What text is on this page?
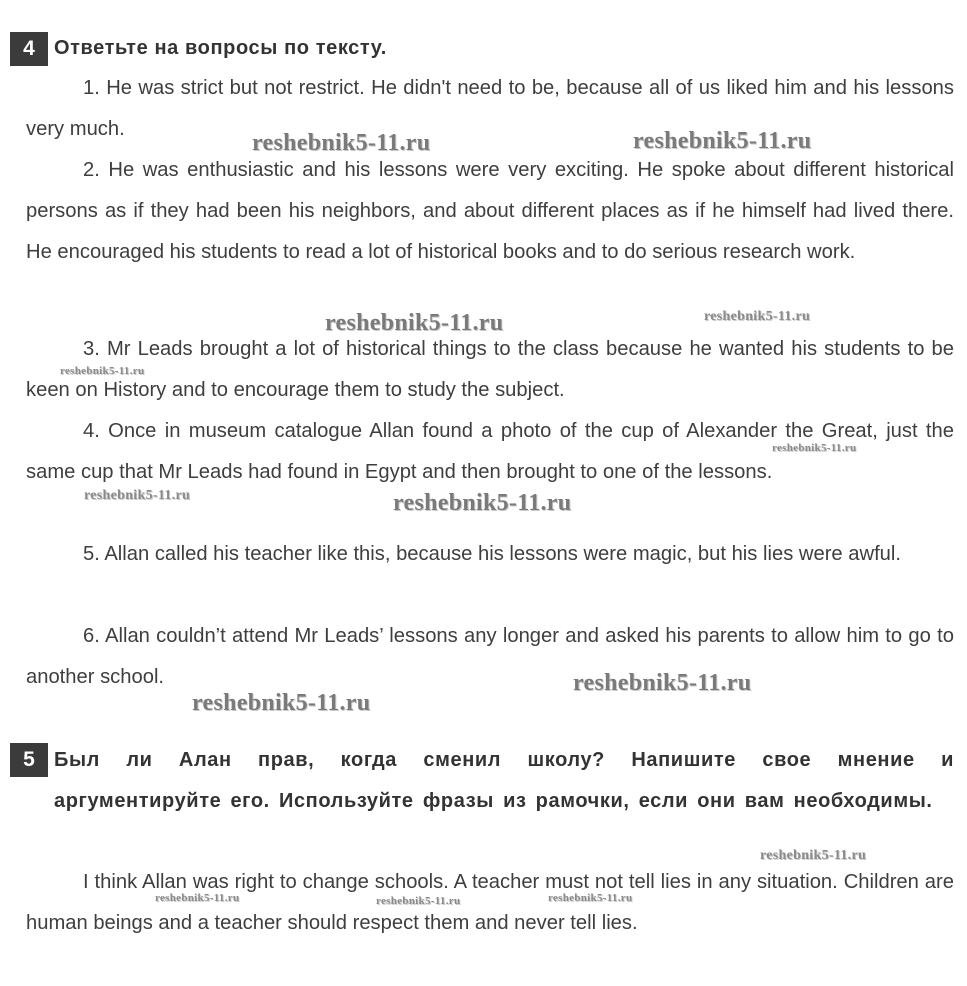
4 Ответьте на вопросы по тексту.
1. He was strict but not restrict. He didn't need to be, because all of us liked him and his lessons very much.
2. He was enthusiastic and his lessons were very exciting. He spoke about different historical persons as if they had been his neighbors, and about different places as if he himself had lived there. He encouraged his students to read a lot of historical books and to do serious research work.
3. Mr Leads brought a lot of historical things to the class because he wanted his students to be keen on History and to encourage them to study the subject.
4. Once in museum catalogue Allan found a photo of the cup of Alexander the Great, just the same cup that Mr Leads had found in Egypt and then brought to one of the lessons.
5. Allan called his teacher like this, because his lessons were magic, but his lies were awful.
6. Allan couldn’t attend Mr Leads’ lessons any longer and asked his parents to allow him to go to another school.
5 Был ли Алан прав, когда сменил школу? Напишите свое мнение и аргументируйте его. Используйте фразы из рамочки, если они вам необходимы.
I think Allan was right to change schools. A teacher must not tell lies in any situation. Children are human beings and a teacher should respect them and never tell lies.
reshebnik5-11.ru	reshebnik5-11.ru
reshebnik5-11.ru	reshebnik5-11.ru
reshebnik5-11.ru
reshebnik5-11.ru
reshebnik5-11.ru	reshebnik5-11.ru
reshebnik5-11.ru
reshebnik5-11.ru
reshebnik5-11.ru
reshebnik5-11.ru	reshebnik5-11.ru	reshebnik5-11.ru
